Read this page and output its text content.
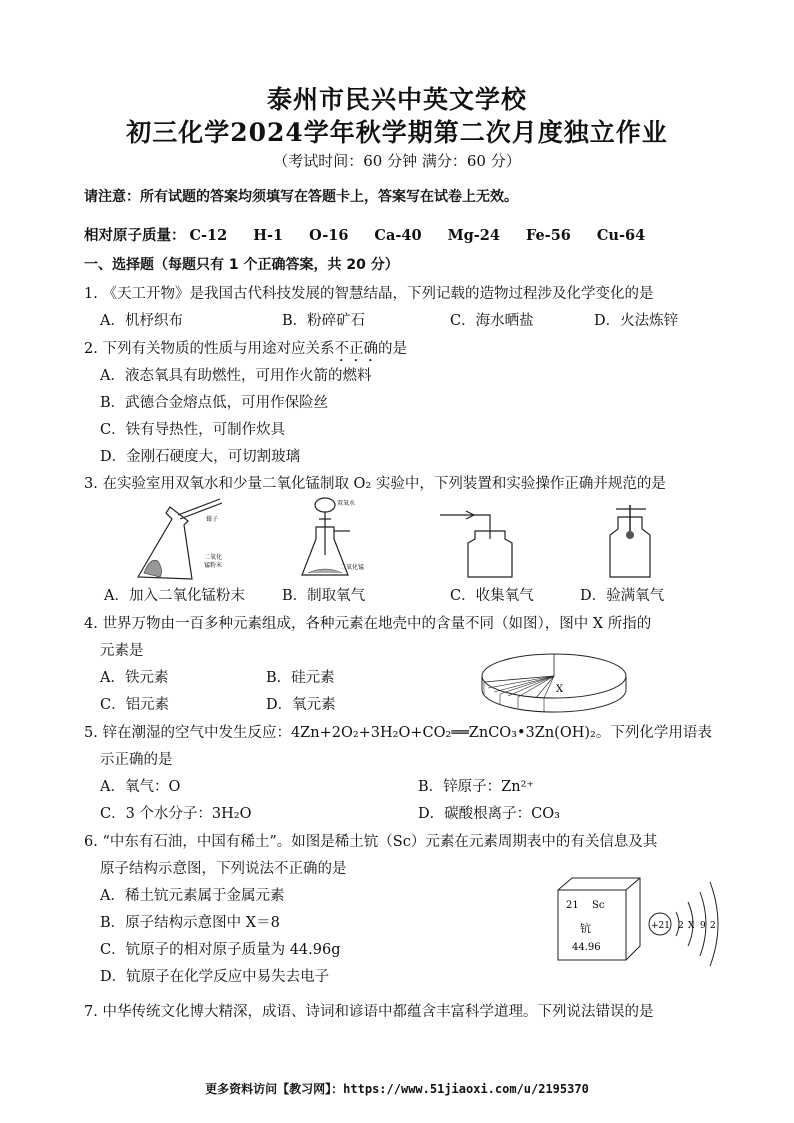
泰州市民兴中英文学校
初三化学2024学年秋学期第二次月度独立作业
（考试时间：60 分钟 满分：60 分）
请注意：所有试题的答案均须填写在答题卡上，答案写在试卷上无效。
相对原子质量： C-12 H-1 O-16 Ca-40 Mg-24 Fe-56 Cu-64
一、选择题（每题只有 1 个正确答案，共 20 分）
1. 《天工开物》是我国古代科技发展的智慧结晶，下列记载的造物过程涉及化学变化的是
A．机杼织布	B．粉碎矿石	C．海水晒盐	D．火法炼锌
2. 下列有关物质的性质与用途对应关系不正确的是
A．液态氧具有助燃性，可用作火箭的燃料
B．武德合金熔点低，可用作保险丝
C．铁有导热性，可制作炊具
D．金刚石硬度大，可切割玻璃
3. 在实验室用双氧水和少量二氧化锰制取 O₂ 实验中，下列装置和实验操作正确并规范的是
镊子
二氧化
锰粉末
双氧水
二氧化锰
A．加入二氧化锰粉末	B．制取氧气	C．收集氧气	D．验满氧气
4. 世界万物由一百多种元素组成，各种元素在地壳中的含量不同（如图），图中 X 所指的
元素是
A．铁元素	B．硅元素
C．铝元素	D．氧元素
X
5. 锌在潮湿的空气中发生反应：4Zn+2O₂+3H₂O+CO₂══ZnCO₃•3Zn(OH)₂。下列化学用语表
示正确的是
A．氧气：O	B．锌原子：Zn²⁺
C．3 个水分子：3H₂O	D．碳酸根离子：CO₃
6. “中东有石油，中国有稀土”。如图是稀土钪（Sc）元素在元素周期表中的有关信息及其
原子结构示意图，下列说法不正确的是
A．稀土钪元素属于金属元素
B．原子结构示意图中 X＝8
C．钪原子的相对原子质量为 44.96g
D．钪原子在化学反应中易失去电子
21 Sc
钪
44.96
+21 2 X 9 2
7. 中华传统文化博大精深，成语、诗词和谚语中都蕴含丰富科学道理。下列说法错误的是
更多资料访问【教习网】：https://www.51jiaoxi.com/u/2195370
